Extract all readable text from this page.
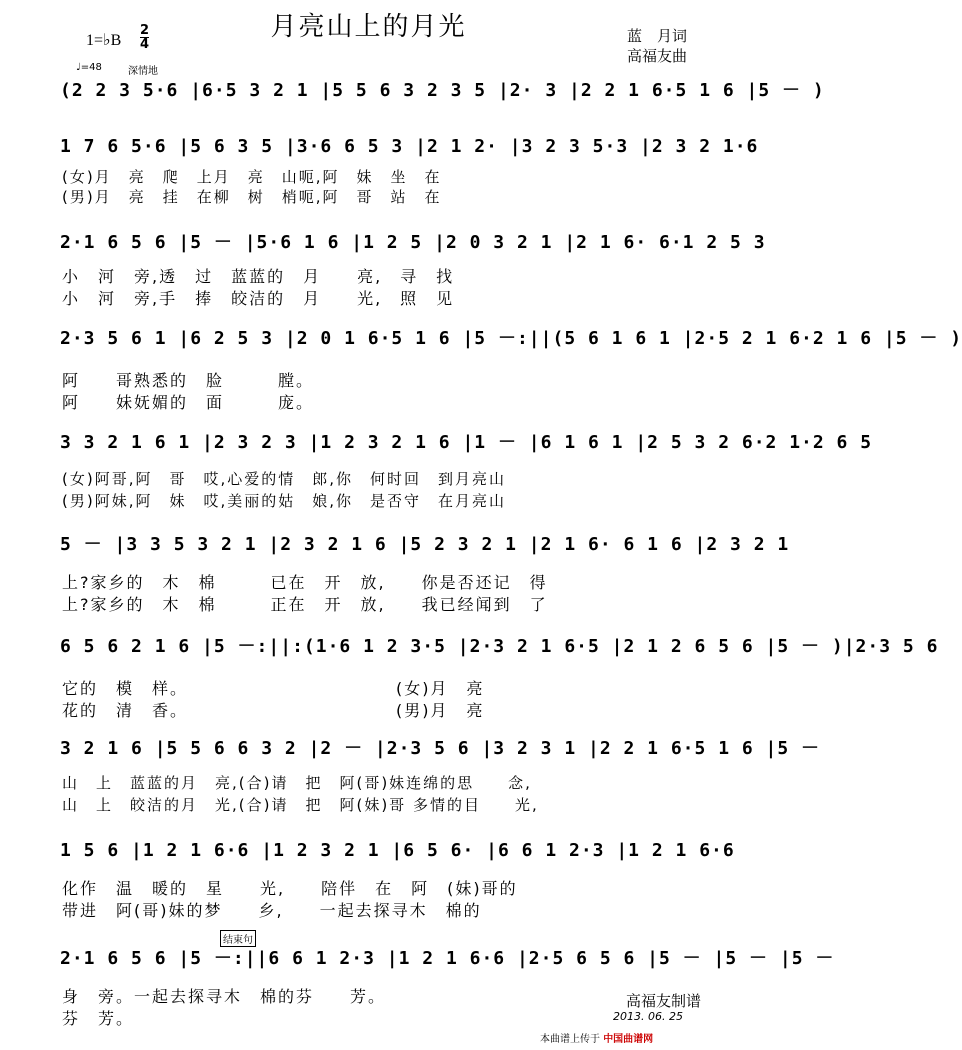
月亮山上的月光
1=♭B
2
4	蓝　月词
高福友曲
♩=48	深情地
(2 2 3 5·6 |6·5 3 2 1 |5 5 6 3 2 3 5 |2· 3 |2 2 1 6·5 1 6 |5 － )
1 7 6 5·6 |5 6 3 5 |3·6 6 5 3 |2 1 2· |3 2 3 5·3 |2 3 2 1·6
(女)月　亮　爬　上月　亮　山呃,阿　妹　坐　在
(男)月　亮　挂　在柳　树　梢呃,阿　哥　站　在
2·1 6 5 6 |5 － |5·6 1 6 |1 2 5 |2 0 3 2 1 |2 1 6· 6·1 2 5 3
小　河　旁,透　过　蓝蓝的　月　　亮,　寻　找
小　河　旁,手　捧　皎洁的　月　　光,　照　见
2·3 5 6 1 |6 2 5 3 |2 0 1 6·5 1 6 |5 －:||(5 6 1 6 1 |2·5 2 1 6·2 1 6 |5 － )
阿　　哥熟悉的　脸　　　膛。
阿　　妹妩媚的　面　　　庞。
3 3 2 1 6 1 |2 3 2 3 |1 2 3 2 1 6 |1 － |6 1 6 1 |2 5 3 2 6·2 1·2 6 5
(女)阿哥,阿　哥　哎,心爱的情　郎,你　何时回　到月亮山
(男)阿妹,阿　妹　哎,美丽的姑　娘,你　是否守　在月亮山
5 － |3 3 5 3 2 1 |2 3 2 1 6 |5 2 3 2 1 |2 1 6· 6 1 6 |2 3 2 1
上?家乡的　木　棉　　　已在　开　放,　　你是否还记　得
上?家乡的　木　棉　　　正在　开　放,　　我已经闻到　了
6 5 6 2 1 6 |5 －:||:(1·6 1 2 3·5 |2·3 2 1 6·5 |2 1 2 6 5 6 |5 － )|2·3 5 6
它的　模　样。　　　　　　　　　　　　(女)月　亮
花的　清　香。　　　　　　　　　　　　(男)月　亮
3 2 1 6 |5 5 6 6 3 2 |2 － |2·3 5 6 |3 2 3 1 |2 2 1 6·5 1 6 |5 －
山　上　蓝蓝的月　亮,(合)请　把　阿(哥)妹连绵的思　　念,
山　上　皎洁的月　光,(合)请　把　阿(妹)哥 多情的目　　光,
1 5 6 |1 2 1 6·6 |1 2 3 2 1 |6 5 6· |6 6 1 2·3 |1 2 1 6·6
化作　温　暖的　星　　光,　　陪伴　在　阿　(妹)哥的
带进　阿(哥)妹的梦　　乡,　　一起去探寻木　棉的
结束句
2·1 6 5 6 |5 －:||6 6 1 2·3 |1 2 1 6·6 |2·5 6 5 6 |5 － |5 － |5 －
身　旁。一起去探寻木　棉的芬　　芳。
芬　芳。
高福友制谱
2013. 06. 25
本曲谱上传于 中国曲谱网
